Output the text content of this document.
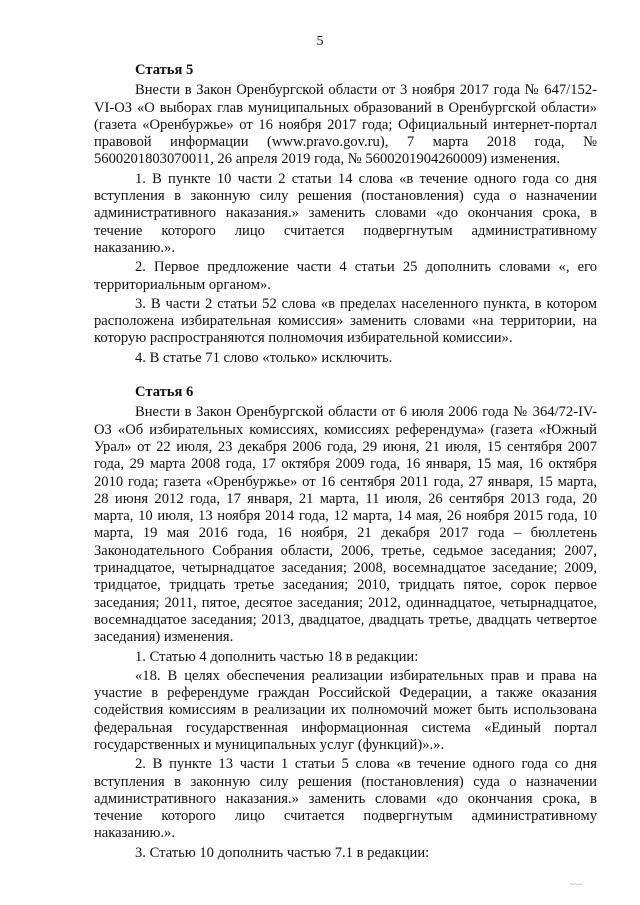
5
Статья 5

Внести в Закон Оренбургской области от 3 ноября 2017 года № 647/152-VI-ОЗ «О выборах глав муниципальных образований в Оренбургской области» (газета «Оренбуржье» от 16 ноября 2017 года; Официальный интернет-портал правовой информации (www.pravo.gov.ru), 7 марта 2018 года, № 5600201803070011, 26 апреля 2019 года, № 5600201904260009) изменения.

1. В пункте 10 части 2 статьи 14 слова «в течение одного года со дня вступления в законную силу решения (постановления) суда о назначении административного наказания.» заменить словами «до окончания срока, в течение которого лицо считается подвергнутым административному наказанию.».

2. Первое предложение части 4 статьи 25 дополнить словами «, его территориальным органом».

3. В части 2 статьи 52 слова «в пределах населенного пункта, в котором расположена избирательная комиссия» заменить словами «на территории, на которую распространяются полномочия избирательной комиссии».

4. В статье 71 слово «только» исключить.

Статья 6

Внести в Закон Оренбургской области от 6 июля 2006 года № 364/72-IV-ОЗ «Об избирательных комиссиях, комиссиях референдума» (газета «Южный Урал» от 22 июля, 23 декабря 2006 года, 29 июня, 21 июля, 15 сентября 2007 года, 29 марта 2008 года, 17 октября 2009 года, 16 января, 15 мая, 16 октября 2010 года; газета «Оренбуржье» от 16 сентября 2011 года, 27 января, 15 марта, 28 июня 2012 года, 17 января, 21 марта, 11 июля, 26 сентября 2013 года, 20 марта, 10 июля, 13 ноября 2014 года, 12 марта, 14 мая, 26 ноября 2015 года, 10 марта, 19 мая 2016 года, 16 ноября, 21 декабря 2017 года – бюллетень Законодательного Собрания области, 2006, третье, седьмое заседания; 2007, тринадцатое, четырнадцатое заседания; 2008, восемнадцатое заседание; 2009, тридцатое, тридцать третье заседания; 2010, тридцать пятое, сорок первое заседания; 2011, пятое, десятое заседания; 2012, одиннадцатое, четырнадцатое, восемнадцатое заседания; 2013, двадцатое, двадцать третье, двадцать четвертое заседания) изменения.

1. Статью 4 дополнить частью 18 в редакции:

«18. В целях обеспечения реализации избирательных прав и права на участие в референдуме граждан Российской Федерации, а также оказания содействия комиссиям в реализации их полномочий может быть использована федеральная государственная информационная система «Единый портал государственных и муниципальных услуг (функций)».».

2. В пункте 13 части 1 статьи 5 слова «в течение одного года со дня вступления в законную силу решения (постановления) суда о назначении административного наказания.» заменить словами «до окончания срока, в течение которого лицо считается подвергнутым административному наказанию.».

3. Статью 10 дополнить частью 7.1 в редакции:

~~~
